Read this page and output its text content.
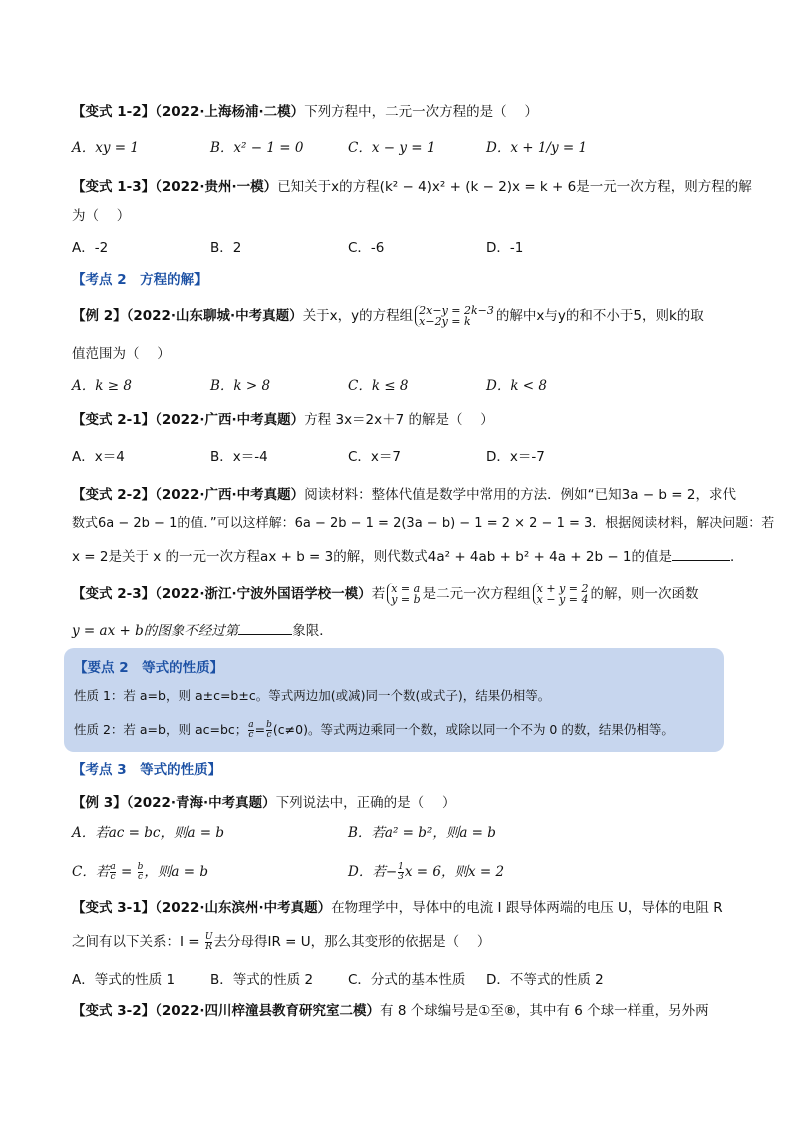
【变式 1-2】（2022·上海杨浦·二模）下列方程中，二元一次方程的是（　 ）
A．xy = 1	B．x² − 1 = 0	C．x − y = 1	D．x + 1/y = 1
【变式 1-3】（2022·贵州·一模）已知关于x的方程(k² − 4)x² + (k − 2)x = k + 6是一元一次方程，则方程的解
为（　 ）
A．-2	B．2	C．-6	D．-1
【考点 2　方程的解】
【例 2】（2022·山东聊城·中考真题）关于x，y的方程组 2x−y = 2k−3
x−2y = k	的解中x与y的和不小于5，则k的取
值范围为（　 ）
A．k ≥ 8	B．k > 8	C．k ≤ 8	D．k < 8
【变式 2-1】（2022·广西·中考真题）方程 3x＝2x＋7 的解是（　 ）
A．x＝4	B．x＝-4	C．x＝7	D．x＝-7
【变式 2-2】（2022·广西·中考真题）阅读材料：整体代值是数学中常用的方法．例如“已知3a − b = 2，求代
数式6a − 2b − 1的值．”可以这样解：6a − 2b − 1 = 2(3a − b) − 1 = 2 × 2 − 1 = 3．根据阅读材料，解决问题：若
x = 2是关于 x 的一元一次方程ax + b = 3的解，则代数式4a² + 4ab + b² + 4a + 2b − 1的值是	．
【变式 2-3】（2022·浙江·宁波外国语学校一模）若 x = a
y = b 是二元一次方程组 x + y = 2
x − y = 4 的解，则一次函数
y = ax + b的图象不经过第	象限．
【要点 2　等式的性质】
性质 1：若 a=b，则 a±c=b±c。等式两边加(或减)同一个数(或式子)，结果仍相等。
性质 2：若 a=b，则 ac=bc； $\frac{a}{c} = \frac{b}{c} (c\ne 0)$。等式两边乘同一个数，或除以同一个不为 0 的数，结果仍相等。
【考点 3　等式的性质】
【例 3】（2022·青海·中考真题）下列说法中，正确的是（　 ）
A．若ac = bc，则a = b	B．若a² = b²，则a = b
C．若 $\frac{a}{c} = \frac{b}{c}$ ，则a = b	D．若− $\frac{1}{3}$ x = 6，则x = 2
【变式 3-1】（2022·山东滨州·中考真题）在物理学中，导体中的电流 I 跟导体两端的电压 U，导体的电阻 R
之间有以下关系：$I = \frac{U}{R}$ 去分母得IR = U，那么其变形的依据是（　 ）
A．等式的性质 1	B．等式的性质 2	C．分式的基本性质 D．不等式的性质 2
【变式 3-2】（2022·四川梓潼县教育研究室二模）有 8 个球编号是①至⑧，其中有 6 个球一样重，另外两
